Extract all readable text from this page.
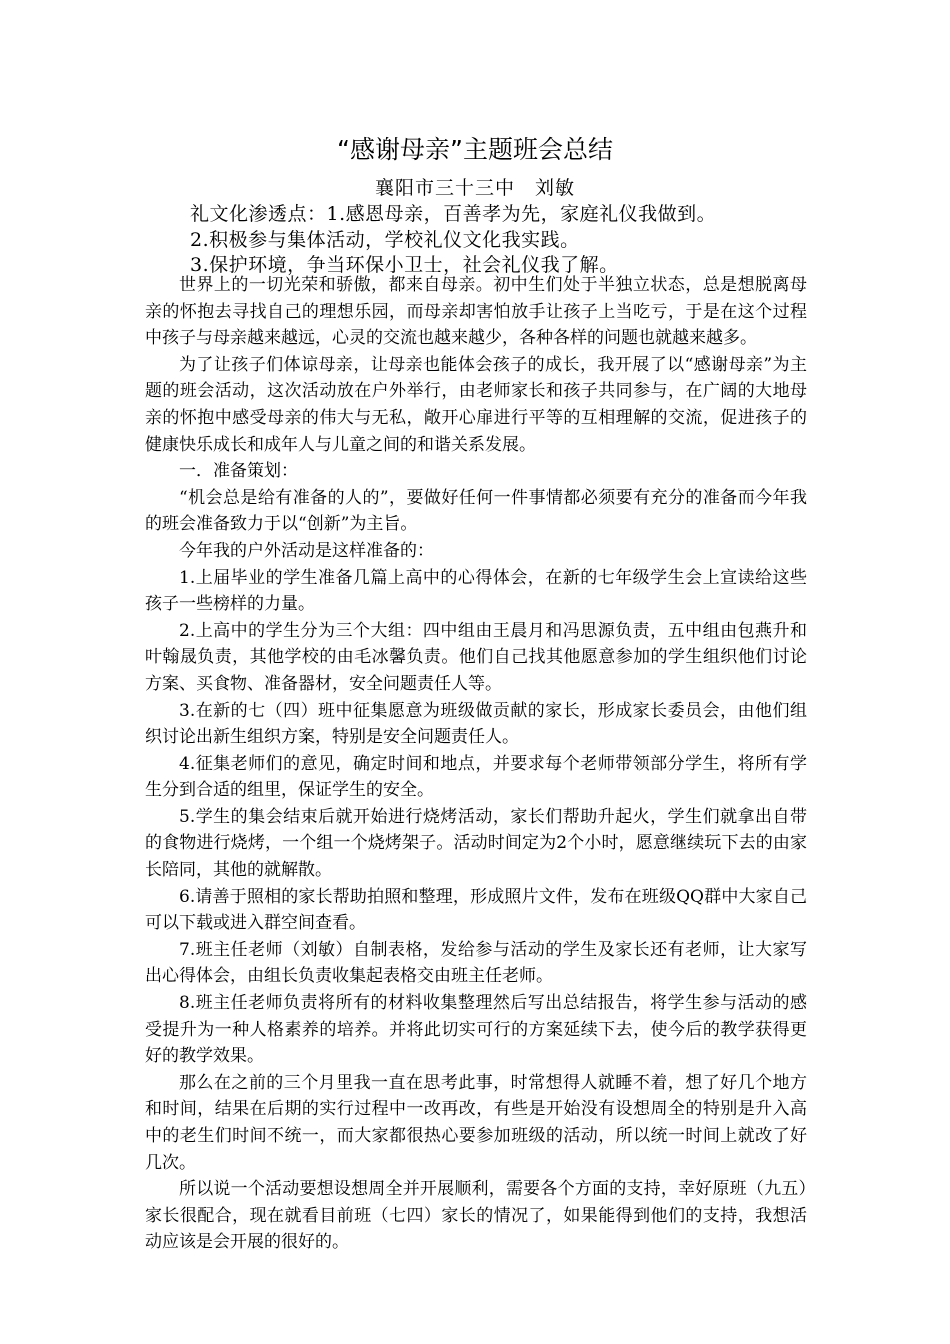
“感谢母亲”主题班会总结
襄阳市三十三中　刘敏
礼文化渗透点：1.感恩母亲，百善孝为先，家庭礼仪我做到。
2.积极参与集体活动，学校礼仪文化我实践。
3.保护环境，争当环保小卫士，社会礼仪我了解。

世界上的一切光荣和骄傲，都来自母亲。初中生们处于半独立状态，总是想脱离母亲的怀抱去寻找自己的理想乐园，而母亲却害怕放手让孩子上当吃亏，于是在这个过程中孩子与母亲越来越远，心灵的交流也越来越少，各种各样的问题也就越来越多。

为了让孩子们体谅母亲，让母亲也能体会孩子的成长，我开展了以“感谢母亲”为主题的班会活动，这次活动放在户外举行，由老师家长和孩子共同参与，在广阔的大地母亲的怀抱中感受母亲的伟大与无私，敞开心扉进行平等的互相理解的交流，促进孩子的健康快乐成长和成年人与儿童之间的和谐关系发展。

一．准备策划：

“机会总是给有准备的人的”，要做好任何一件事情都必须要有充分的准备而今年我的班会准备致力于以“创新”为主旨。

今年我的户外活动是这样准备的：

1.上届毕业的学生准备几篇上高中的心得体会，在新的七年级学生会上宣读给这些孩子一些榜样的力量。

2.上高中的学生分为三个大组：四中组由王晨月和冯思源负责，五中组由包燕升和叶翰晟负责，其他学校的由毛冰馨负责。他们自己找其他愿意参加的学生组织他们讨论方案、买食物、准备器材，安全问题责任人等。

3.在新的七（四）班中征集愿意为班级做贡献的家长，形成家长委员会，由他们组织讨论出新生组织方案，特别是安全问题责任人。

4.征集老师们的意见，确定时间和地点，并要求每个老师带领部分学生，将所有学生分到合适的组里，保证学生的安全。

5.学生的集会结束后就开始进行烧烤活动，家长们帮助升起火，学生们就拿出自带的食物进行烧烤，一个组一个烧烤架子。活动时间定为2个小时，愿意继续玩下去的由家长陪同，其他的就解散。

6.请善于照相的家长帮助拍照和整理，形成照片文件，发布在班级QQ群中大家自己可以下载或进入群空间查看。

7.班主任老师（刘敏）自制表格，发给参与活动的学生及家长还有老师，让大家写出心得体会，由组长负责收集起表格交由班主任老师。

8.班主任老师负责将所有的材料收集整理然后写出总结报告，将学生参与活动的感受提升为一种人格素养的培养。并将此切实可行的方案延续下去，使今后的教学获得更好的教学效果。

那么在之前的三个月里我一直在思考此事，时常想得人就睡不着，想了好几个地方和时间，结果在后期的实行过程中一改再改，有些是开始没有设想周全的特别是升入高中的老生们时间不统一，而大家都很热心要参加班级的活动，所以统一时间上就改了好几次。

所以说一个活动要想设想周全并开展顺利，需要各个方面的支持，幸好原班（九五）家长很配合，现在就看目前班（七四）家长的情况了，如果能得到他们的支持，我想活动应该是会开展的很好的。
